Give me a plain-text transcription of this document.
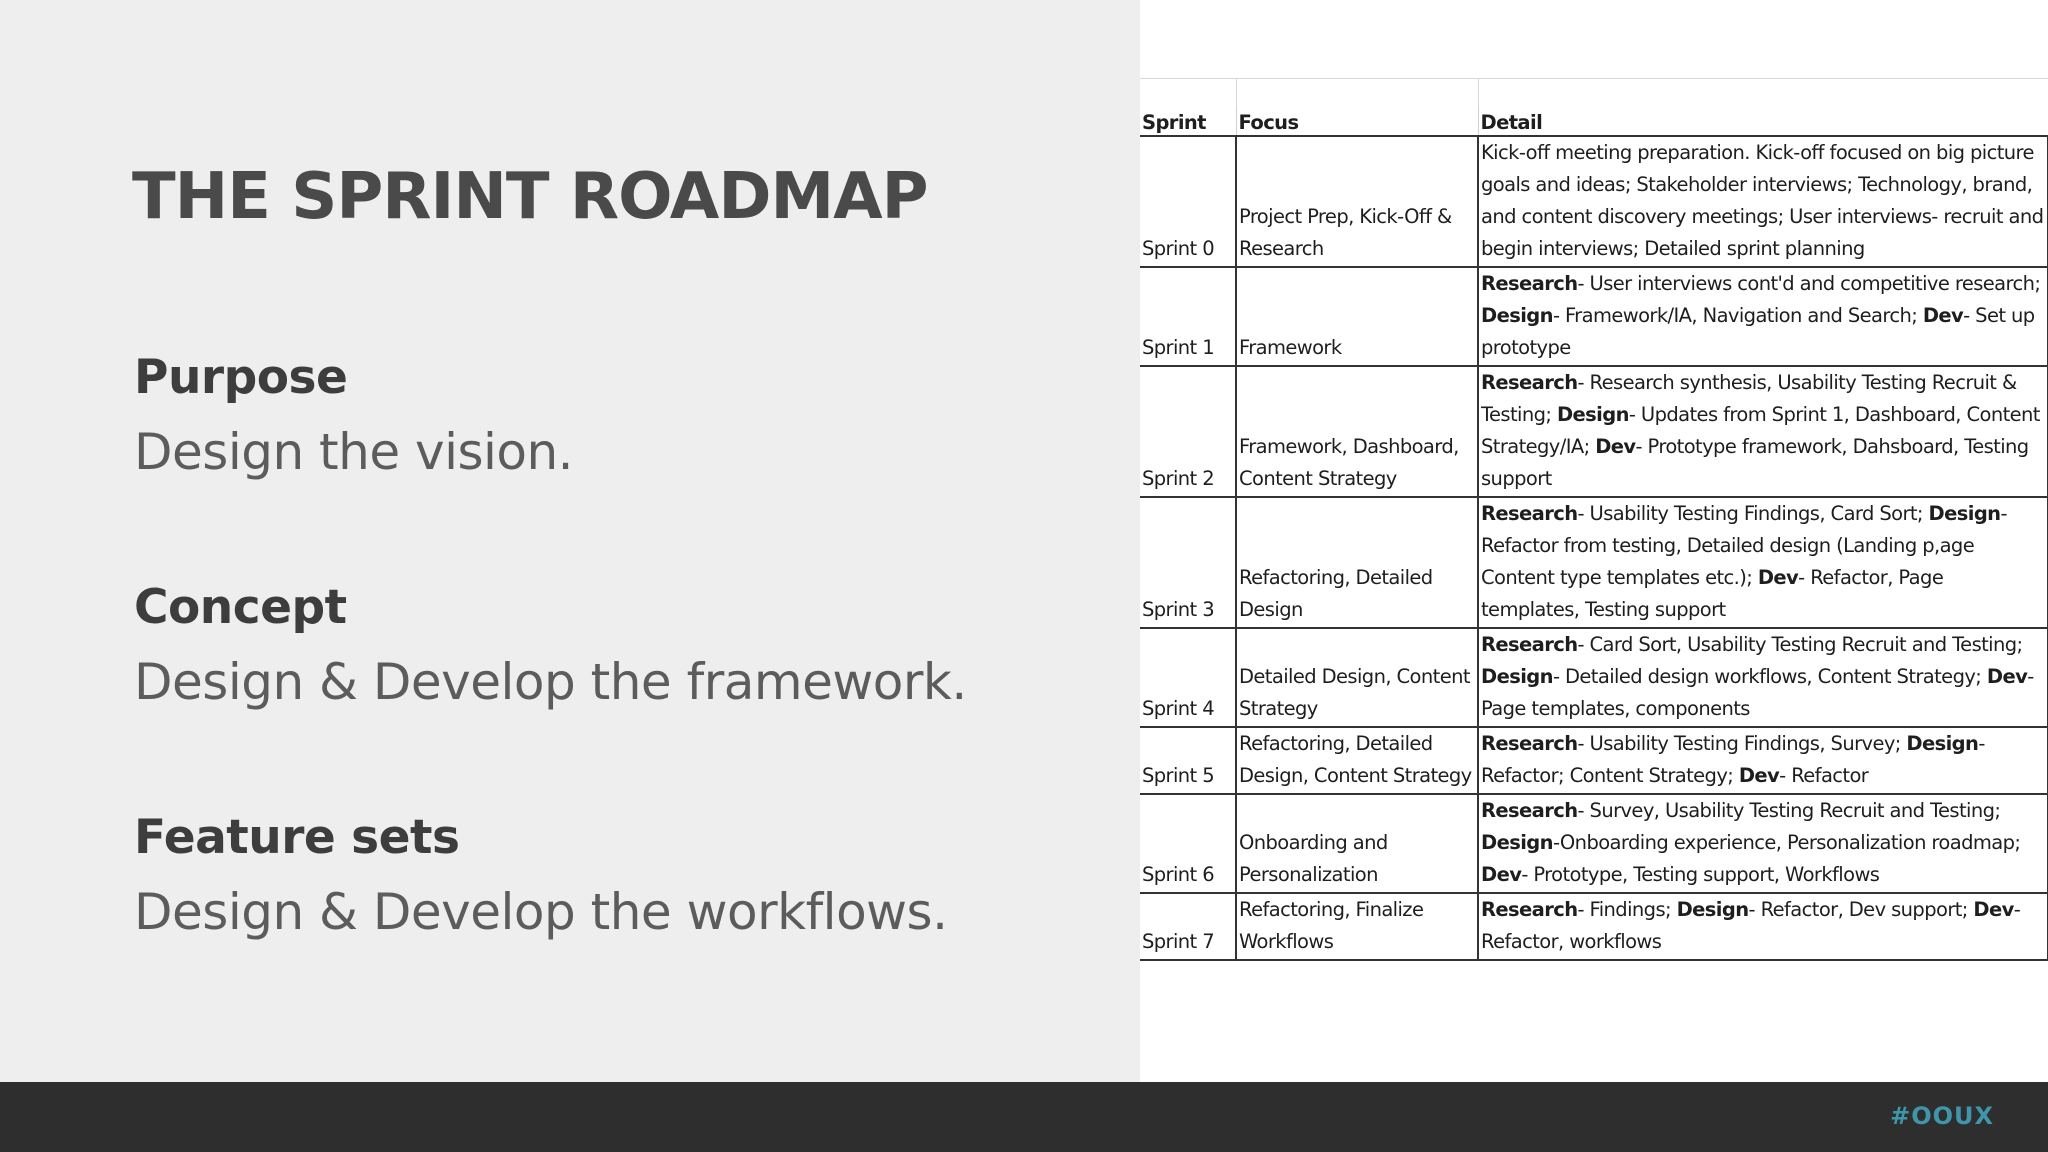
THE SPRINT ROADMAP
Purpose
Design the vision.
Concept
Design & Develop the framework.
Feature sets
Design & Develop the workflows.
Sprint	Focus	Detail
Sprint 0	Project Prep, Kick-Off & Research	Kick-off meeting preparation. Kick-off focused on big picture goals and ideas; Stakeholder interviews; Technology, brand, and content discovery meetings; User interviews- recruit and begin interviews; Detailed sprint planning
Sprint 1	Framework	Research- User interviews cont'd and competitive research; Design- Framework/IA, Navigation and Search; Dev- Set up prototype
Sprint 2	Framework, Dashboard, Content Strategy	Research- Research synthesis, Usability Testing Recruit & Testing; Design- Updates from Sprint 1, Dashboard, Content Strategy/IA; Dev- Prototype framework, Dahsboard, Testing support
Sprint 3	Refactoring, Detailed Design	Research- Usability Testing Findings, Card Sort; Design- Refactor from testing, Detailed design (Landing p,age Content type templates etc.); Dev- Refactor, Page templates, Testing support
Sprint 4	Detailed Design, Content Strategy	Research- Card Sort, Usability Testing Recruit and Testing; Design- Detailed design workflows, Content Strategy; Dev- Page templates, components
Sprint 5	Refactoring, Detailed Design, Content Strategy	Research- Usability Testing Findings, Survey; Design- Refactor; Content Strategy; Dev- Refactor
Sprint 6	Onboarding and Personalization	Research- Survey, Usability Testing Recruit and Testing; Design-Onboarding experience, Personalization roadmap; Dev- Prototype, Testing support, Workflows
Sprint 7	Refactoring, Finalize Workflows	Research- Findings; Design- Refactor, Dev support; Dev- Refactor, workflows
#OOUX
